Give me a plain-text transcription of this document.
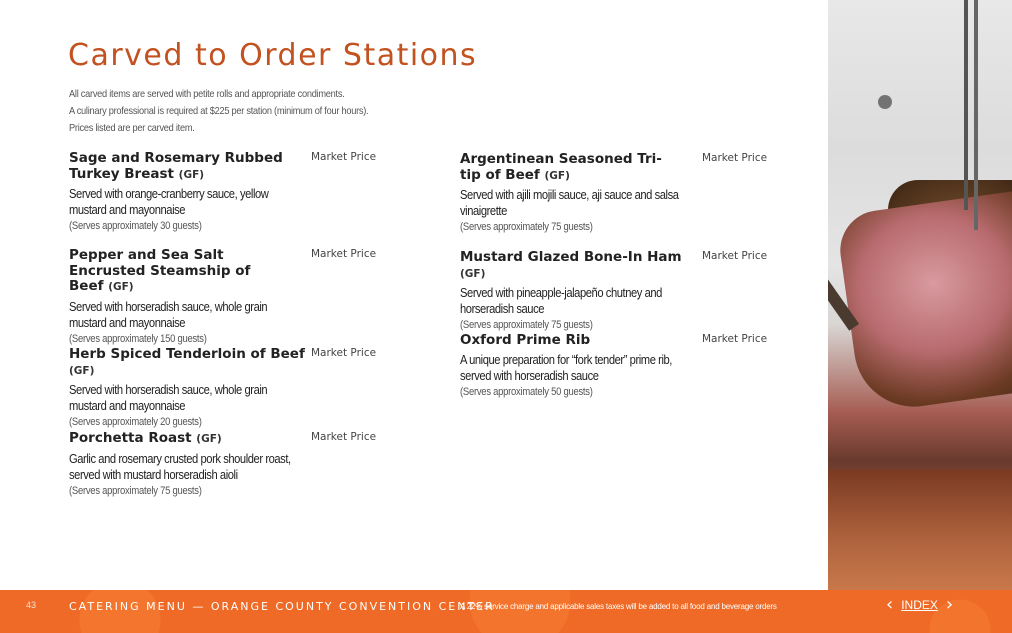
Carved to Order Stations
All carved items are served with petite rolls and appropriate condiments.
A culinary professional is required at $225 per station (minimum of four hours).
Prices listed are per carved item.
Sage and Rosemary Rubbed Turkey Breast (GF)
Market Price
Served with orange-cranberry sauce, yellow mustard and mayonnaise
(Serves approximately 30 guests)
Pepper and Sea Salt Encrusted Steamship of Beef (GF)
Market Price
Served with horseradish sauce, whole grain mustard and mayonnaise
(Serves approximately 150 guests)
Herb Spiced Tenderloin of Beef (GF)
Market Price
Served with horseradish sauce, whole grain mustard and mayonnaise
(Serves approximately 20 guests)
Porchetta Roast (GF)	Market Price
Garlic and rosemary crusted pork shoulder roast, served with mustard horseradish aioli
(Serves approximately 75 guests)
Argentinean Seasoned Tri-tip of Beef (GF)
Market Price
Served with ajili mojili sauce, aji sauce and salsa vinaigrette
(Serves approximately 75 guests)
Mustard Glazed Bone-In Ham (GF)
Market Price
Served with pineapple-jalapeño chutney and horseradish sauce
(Serves approximately 75 guests)
Oxford Prime Rib	Market Price
A unique preparation for “fork tender” prime rib, served with horseradish sauce
(Serves approximately 50 guests)
43	CATERING MENU — ORANGE COUNTY CONVENTION CENTER
A 22% service charge and applicable sales taxes will be added to all food and beverage orders	‹ INDEX ›
